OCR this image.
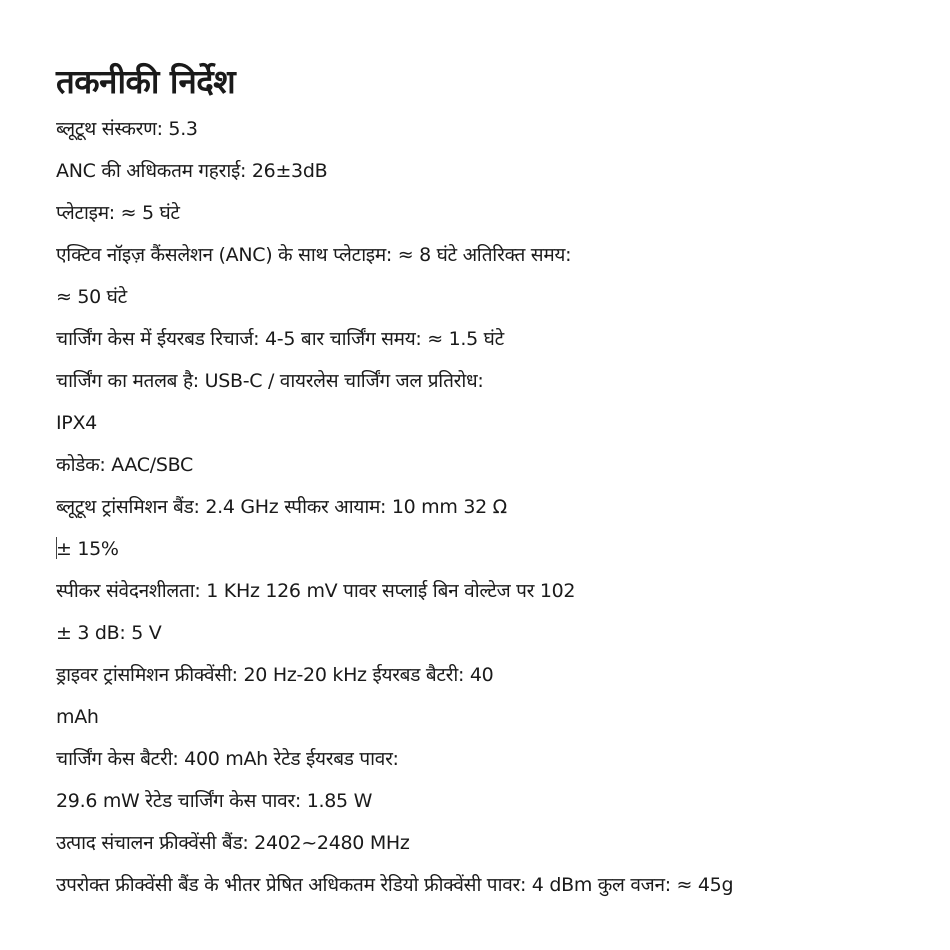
तकनीकी निर्देश
ब्लूटूथ संस्करण: 5.3
ANC की अधिकतम गहराई: 26±3dB
प्लेटाइम: ≈ 5 घंटे
एक्टिव नॉइज़ कैंसलेशन (ANC) के साथ प्लेटाइम: ≈ 8 घंटे अतिरिक्त समय:
≈ 50 घंटे
चार्जिंग केस में ईयरबड रिचार्ज: 4-5 बार चार्जिंग समय: ≈ 1.5 घंटे
चार्जिंग का मतलब है: USB-C / वायरलेस चार्जिंग जल प्रतिरोध:
IPX4
कोडेक: AAC/SBC
ब्लूटूथ ट्रांसमिशन बैंड: 2.4 GHz स्पीकर आयाम: 10 mm 32 Ω
± 15%
स्पीकर संवेदनशीलता: 1 KHz 126 mV पावर सप्लाई बिन वोल्टेज पर 102
± 3 dB: 5 V
ड्राइवर ट्रांसमिशन फ्रीक्वेंसी: 20 Hz-20 kHz ईयरबड बैटरी: 40
mAh
चार्जिंग केस बैटरी: 400 mAh रेटेड ईयरबड पावर:
29.6 mW रेटेड चार्जिंग केस पावर: 1.85 W
उत्पाद संचालन फ्रीक्वेंसी बैंड: 2402~2480 MHz
उपरोक्त फ्रीक्वेंसी बैंड के भीतर प्रेषित अधिकतम रेडियो फ्रीक्वेंसी पावर: 4 dBm कुल वजन: ≈ 45g
